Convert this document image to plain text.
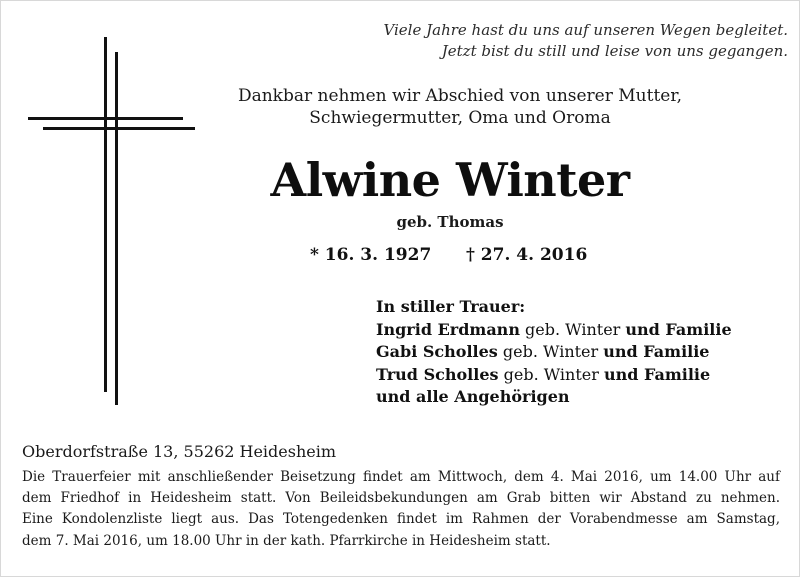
Viele Jahre hast du uns auf unseren Wegen begleitet.
Jetzt bist du still und leise von uns gegangen.
Dankbar nehmen wir Abschied von unserer Mutter,
Schwiegermutter, Oma und Oroma
Alwine Winter
geb. Thomas
* 16. 3. 1927 † 27. 4. 2016
In stiller Trauer:
Ingrid Erdmann geb. Winter und Familie
Gabi Scholles geb. Winter und Familie
Trud Scholles geb. Winter und Familie
und alle Angehörigen
Oberdorfstraße 13, 55262 Heidesheim
Die Trauerfeier mit anschließender Beisetzung findet am Mittwoch, dem 4. Mai 2016, um 14.00 Uhr auf
dem Friedhof in Heidesheim statt. Von Beileidsbekundungen am Grab bitten wir Abstand zu nehmen.
Eine Kondolenzliste liegt aus. Das Totengedenken findet im Rahmen der Vorabendmesse am Samstag,
dem 7. Mai 2016, um 18.00 Uhr in der kath. Pfarrkirche in Heidesheim statt.
